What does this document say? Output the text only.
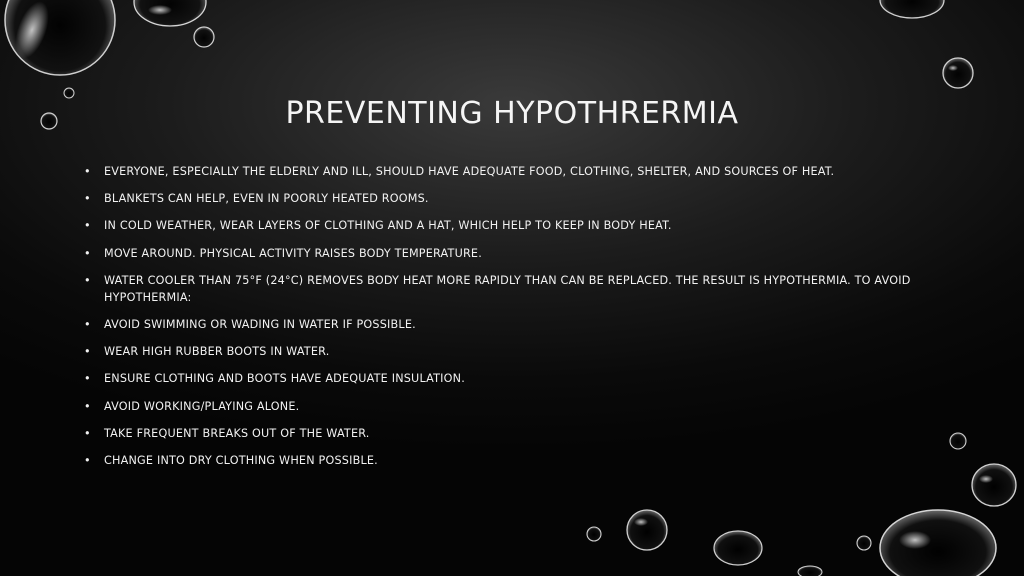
PREVENTING HYPOTHRERMIA
• EVERYONE, ESPECIALLY THE ELDERLY AND ILL, SHOULD HAVE ADEQUATE FOOD, CLOTHING, SHELTER, AND SOURCES OF HEAT.
• BLANKETS CAN HELP, EVEN IN POORLY HEATED ROOMS.
• IN COLD WEATHER, WEAR LAYERS OF CLOTHING AND A HAT, WHICH HELP TO KEEP IN BODY HEAT.
• MOVE AROUND. PHYSICAL ACTIVITY RAISES BODY TEMPERATURE.
• WATER COOLER THAN 75°F (24°C) REMOVES BODY HEAT MORE RAPIDLY THAN CAN BE REPLACED. THE RESULT IS HYPOTHERMIA. TO AVOID HYPOTHERMIA:
• AVOID SWIMMING OR WADING IN WATER IF POSSIBLE.
• WEAR HIGH RUBBER BOOTS IN WATER.
• ENSURE CLOTHING AND BOOTS HAVE ADEQUATE INSULATION.
• AVOID WORKING/PLAYING ALONE.
• TAKE FREQUENT BREAKS OUT OF THE WATER.
• CHANGE INTO DRY CLOTHING WHEN POSSIBLE.
